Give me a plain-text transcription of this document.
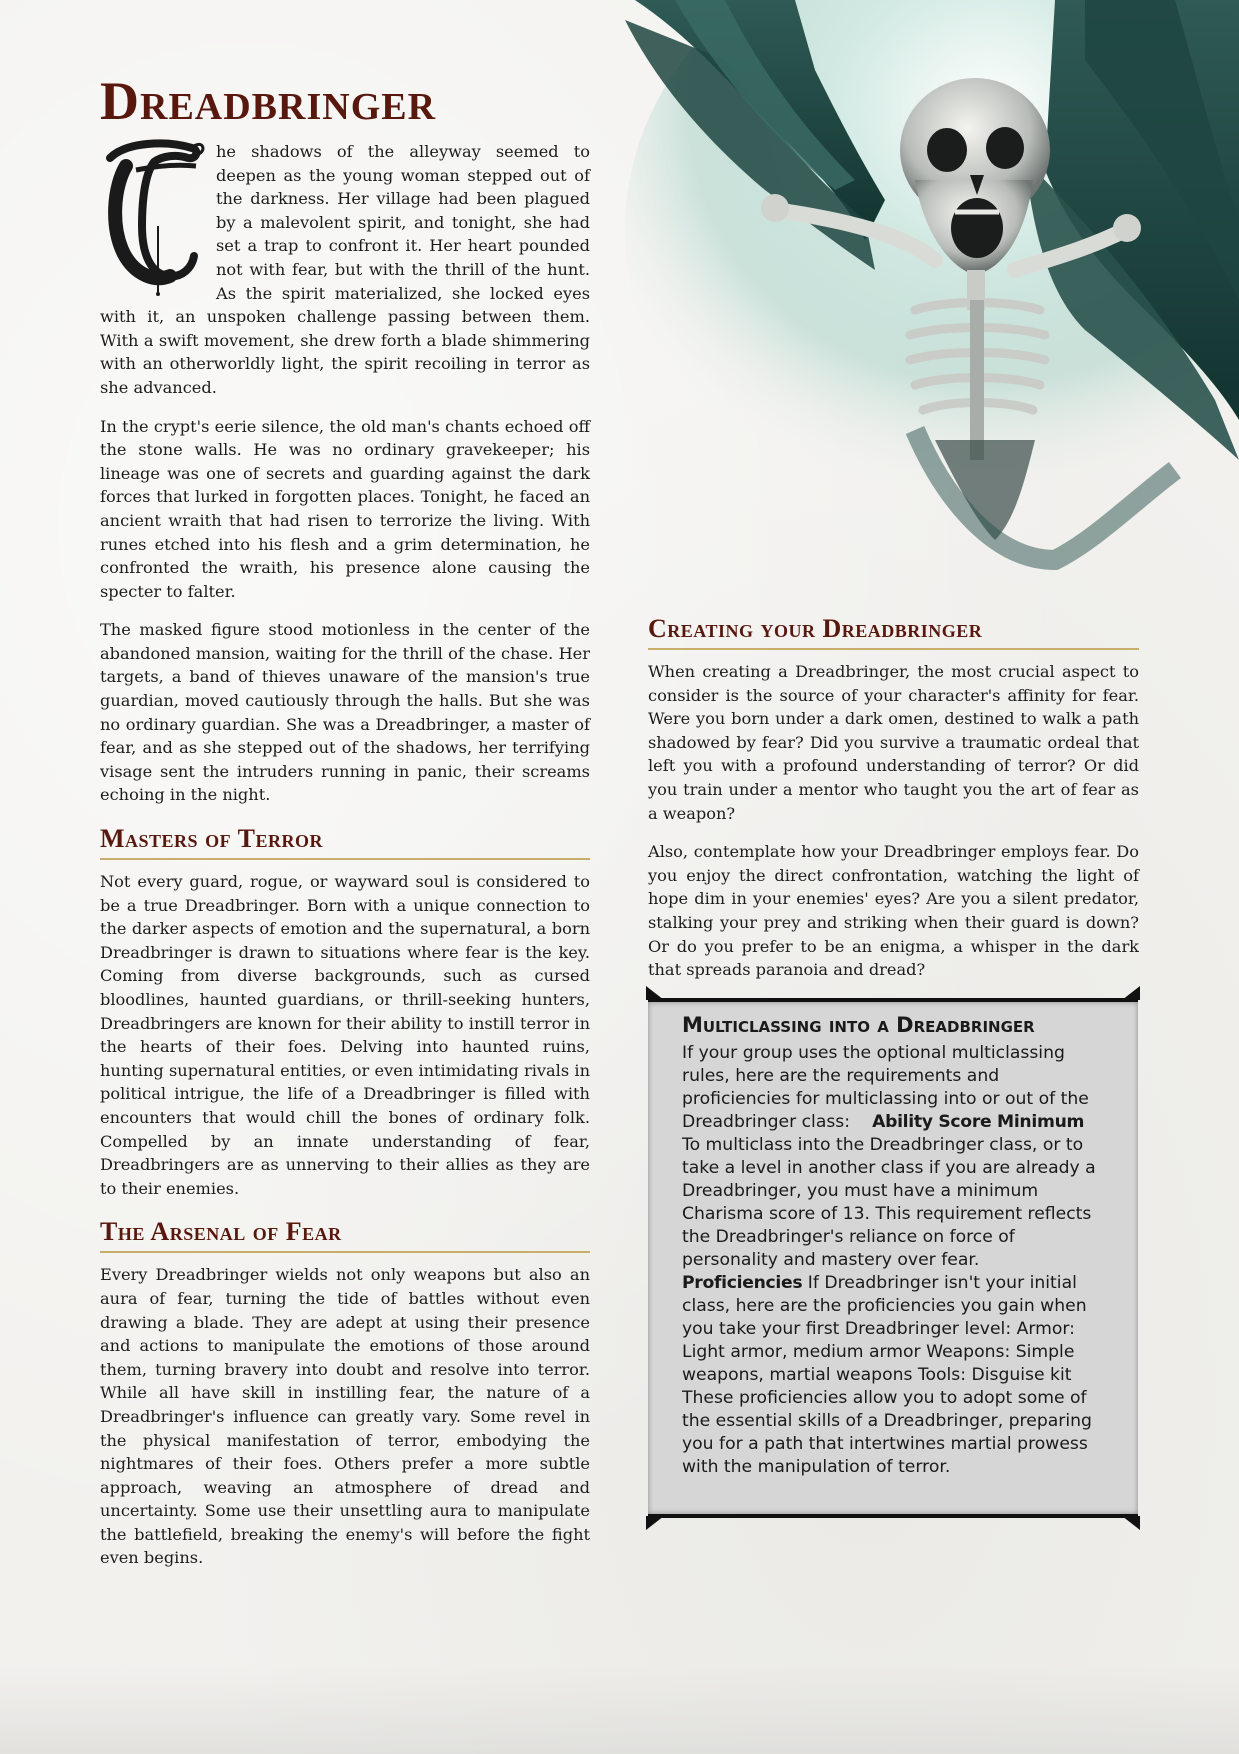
Dreadbringer

he shadows of the alleyway seemed to deepen as the young woman stepped out of the darkness. Her village had been plagued by a malevolent spirit, and tonight, she had set a trap to confront it. Her heart pounded not with fear, but with the thrill of the hunt. As the spirit materialized, she locked eyes with it, an unspoken challenge passing between them. With a swift movement, she drew forth a blade shimmering with an otherworldly light, the spirit recoiling in terror as she advanced.

In the crypt's eerie silence, the old man's chants echoed off the stone walls. He was no ordinary gravekeeper; his lineage was one of secrets and guarding against the dark forces that lurked in forgotten places. Tonight, he faced an ancient wraith that had risen to terrorize the living. With runes etched into his flesh and a grim determination, he confronted the wraith, his presence alone causing the specter to falter.

The masked figure stood motionless in the center of the abandoned mansion, waiting for the thrill of the chase. Her targets, a band of thieves unaware of the mansion's true guardian, moved cautiously through the halls. But she was no ordinary guardian. She was a Dreadbringer, a master of fear, and as she stepped out of the shadows, her terrifying visage sent the intruders running in panic, their screams echoing in the night.

Masters of Terror

Not every guard, rogue, or wayward soul is considered to be a true Dreadbringer. Born with a unique connection to the darker aspects of emotion and the supernatural, a born Dreadbringer is drawn to situations where fear is the key. Coming from diverse backgrounds, such as cursed bloodlines, haunted guardians, or thrill-seeking hunters, Dreadbringers are known for their ability to instill terror in the hearts of their foes. Delving into haunted ruins, hunting supernatural entities, or even intimidating rivals in political intrigue, the life of a Dreadbringer is filled with encounters that would chill the bones of ordinary folk. Compelled by an innate understanding of fear, Dreadbringers are as unnerving to their allies as they are to their enemies.

The Arsenal of Fear

Every Dreadbringer wields not only weapons but also an aura of fear, turning the tide of battles without even drawing a blade. They are adept at using their presence and actions to manipulate the emotions of those around them, turning bravery into doubt and resolve into terror. While all have skill in instilling fear, the nature of a Dreadbringer's influence can greatly vary. Some revel in the physical manifestation of terror, embodying the nightmares of their foes. Others prefer a more subtle approach, weaving an atmosphere of dread and uncertainty. Some use their unsettling aura to manipulate the battlefield, breaking the enemy's will before the fight even begins.

Creating your Dreadbringer

When creating a Dreadbringer, the most crucial aspect to consider is the source of your character's affinity for fear. Were you born under a dark omen, destined to walk a path shadowed by fear? Did you survive a traumatic ordeal that left you with a profound understanding of terror? Or did you train under a mentor who taught you the art of fear as a weapon?

Also, contemplate how your Dreadbringer employs fear. Do you enjoy the direct confrontation, watching the light of hope dim in your enemies' eyes? Are you a silent predator, stalking your prey and striking when their guard is down? Or do you prefer to be an enigma, a whisper in the dark that spreads paranoia and dread?

Multiclassing into a Dreadbringer

If your group uses the optional multiclassing rules, here are the requirements and proficiencies for multiclassing into or out of the Dreadbringer class: Ability Score Minimum To multiclass into the Dreadbringer class, or to take a level in another class if you are already a Dreadbringer, you must have a minimum Charisma score of 13. This requirement reflects the Dreadbringer's reliance on force of personality and mastery over fear.Proficiencies If Dreadbringer isn't your initial class, here are the proficiencies you gain when you take your first Dreadbringer level: Armor: Light armor, medium armor Weapons: Simple weapons, martial weapons Tools: Disguise kit These proficiencies allow you to adopt some of the essential skills of a Dreadbringer, preparing you for a path that intertwines martial prowess with the manipulation of terror.
